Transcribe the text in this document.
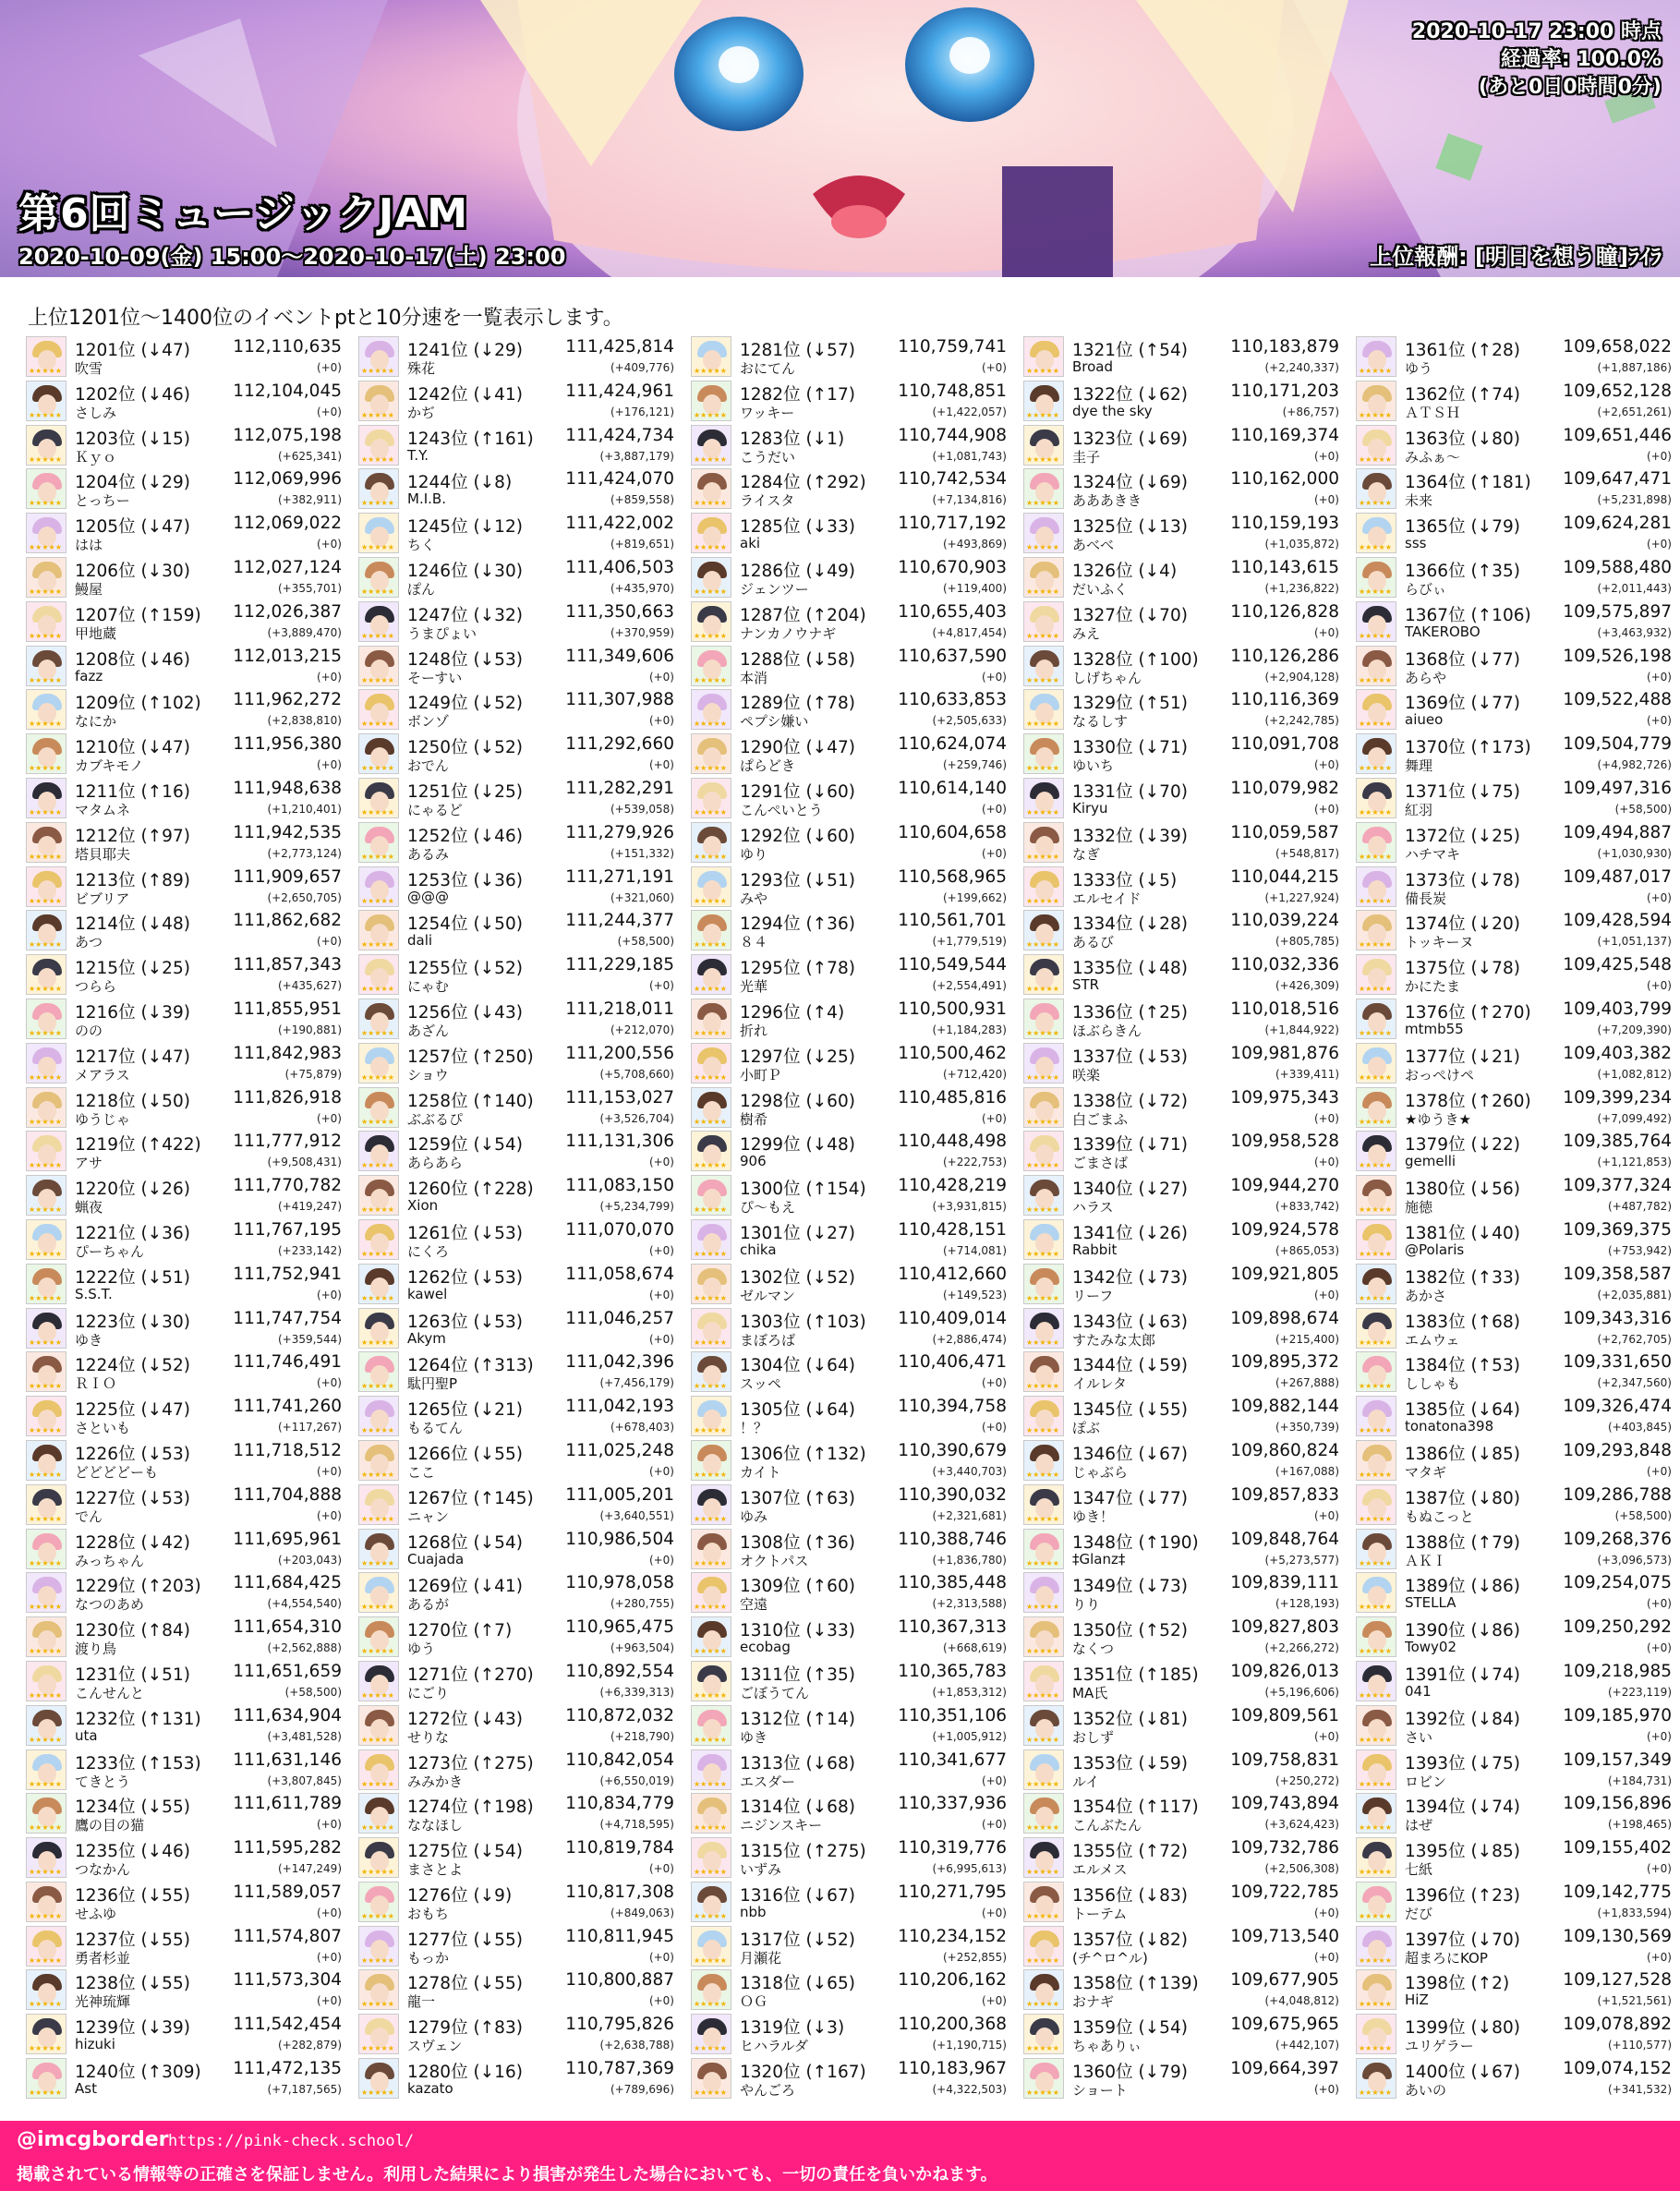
2020-10-17 23:00 時点
経過率: 100.0%
(あと0日0時間0分)
第6回ミュージックJAM
2020-10-09(金) 15:00～2020-10-17(土) 23:00	上位報酬: [明日を想う瞳]ﾗｲﾗ
上位1201位～1400位のイベントptと10分速を一覧表示します。
★★★★★
1201位 (↓47)	112,110,635
吹雪	(+0)
★★★★★
1202位 (↓46)	112,104,045
さしみ	(+0)
★★★★★
1203位 (↓15)	112,075,198
Ｋｙｏ	(+625,341)
★★★★★
1204位 (↓29)	112,069,996
とっちー	(+382,911)
★★★★★
1205位 (↓47)	112,069,022
はは	(+0)
★★★★★
1206位 (↓30)	112,027,124
鰻屋	(+355,701)
★★★★★
1207位 (↑159) 112,026,387
甲地蔵	(+3,889,470)
★★★★★
1208位 (↓46)	112,013,215
fazz	(+0)
★★★★★
1209位 (↑102) 111,962,272
なにか	(+2,838,810)
★★★★★
1210位 (↓47)	111,956,380
カブキモノ	(+0)
★★★★★
1211位 (↑16)	111,948,638
マタムネ	(+1,210,401)
★★★★★
1212位 (↑97)	111,942,535
塔貝耶夫	(+2,773,124)
★★★★★
1213位 (↑89)	111,909,657
ビブリア	(+2,650,705)
★★★★★
1214位 (↓48)	111,862,682
あつ	(+0)
★★★★★
1215位 (↓25)	111,857,343
つらら	(+435,627)
★★★★★
1216位 (↓39)	111,855,951
のの	(+190,881)
★★★★★
1217位 (↓47)	111,842,983
メアラス	(+75,879)
★★★★★
1218位 (↓50)	111,826,918
ゆうじゃ	(+0)
★★★★★
1219位 (↑422) 111,777,912
アサ	(+9,508,431)
★★★★★
1220位 (↓26)	111,770,782
蝋夜	(+419,247)
★★★★★
1221位 (↓36)	111,767,195
ぴーちゃん	(+233,142)
★★★★★
1222位 (↓51)	111,752,941
S.S.T.	(+0)
★★★★★
1223位 (↓30)	111,747,754
ゆき	(+359,544)
★★★★★
1224位 (↓52)	111,746,491
ＲＩＯ	(+0)
★★★★★
1225位 (↓47)	111,741,260
さといも	(+117,267)
★★★★★
1226位 (↓53)	111,718,512
どどどどーも	(+0)
★★★★★
1227位 (↓53)	111,704,888
でん	(+0)
★★★★★
1228位 (↓42)	111,695,961
みっちゃん	(+203,043)
★★★★★
1229位 (↑203) 111,684,425
なつのあめ	(+4,554,540)
★★★★★
1230位 (↑84)	111,654,310
渡り鳥	(+2,562,888)
★★★★★
1231位 (↓51)	111,651,659
こんせんと	(+58,500)
★★★★★
1232位 (↑131) 111,634,904
uta	(+3,481,528)
★★★★★
1233位 (↑153) 111,631,146
てきとう	(+3,807,845)
★★★★★
1234位 (↓55)	111,611,789
鷹の目の猫	(+0)
★★★★★
1235位 (↓46)	111,595,282
つなかん	(+147,249)
★★★★★
1236位 (↓55)	111,589,057
せふゆ	(+0)
★★★★★
1237位 (↓55)	111,574,807
勇者杉並	(+0)
★★★★★
1238位 (↓55)	111,573,304
光神琉輝	(+0)
★★★★★
1239位 (↓39)	111,542,454
hizuki	(+282,879)
★★★★★
1240位 (↑309) 111,472,135
Ast	(+7,187,565)
★★★★★
1241位 (↓29)	111,425,814
殊花	(+409,776)
★★★★★
1242位 (↓41)	111,424,961
かぢ	(+176,121)
★★★★★
1243位 (↑161) 111,424,734
T.Y.	(+3,887,179)
★★★★★
1244位 (↓8)	111,424,070
M.I.B.	(+859,558)
★★★★★
1245位 (↓12)	111,422,002
ちく	(+819,651)
★★★★★
1246位 (↓30)	111,406,503
ぽん	(+435,970)
★★★★★
1247位 (↓32)	111,350,663
うまぴょい	(+370,959)
★★★★★
1248位 (↓53)	111,349,606
そーすい	(+0)
★★★★★
1249位 (↓52)	111,307,988
ボンゾ	(+0)
★★★★★
1250位 (↓52)	111,292,660
おでん	(+0)
★★★★★
1251位 (↓25)	111,282,291
にゃるど	(+539,058)
★★★★★
1252位 (↓46)	111,279,926
あるみ	(+151,332)
★★★★★
1253位 (↓36)	111,271,191
@@@	(+321,060)
★★★★★
1254位 (↓50)	111,244,377
dali	(+58,500)
★★★★★
1255位 (↓52)	111,229,185
にゃむ	(+0)
★★★★★
1256位 (↓43)	111,218,011
あざん	(+212,070)
★★★★★
1257位 (↑250) 111,200,556
ショウ	(+5,708,660)
★★★★★
1258位 (↑140) 111,153,027
ぶぶるぴ	(+3,526,704)
★★★★★
1259位 (↓54)	111,131,306
あらあら	(+0)
★★★★★
1260位 (↑228) 111,083,150
Xion	(+5,234,799)
★★★★★
1261位 (↓53)	111,070,070
にくろ	(+0)
★★★★★
1262位 (↓53)	111,058,674
kawel	(+0)
★★★★★
1263位 (↓53)	111,046,257
Akym	(+0)
★★★★★
1264位 (↑313) 111,042,396
駄円聖P	(+7,456,179)
★★★★★
1265位 (↓21)	111,042,193
もるてん	(+678,403)
★★★★★
1266位 (↓55)	111,025,248
ここ	(+0)
★★★★★
1267位 (↑145) 111,005,201
ニャン	(+3,640,551)
★★★★★
1268位 (↓54)	110,986,504
Cuajada	(+0)
★★★★★
1269位 (↓41)	110,978,058
あるが	(+280,755)
★★★★★
1270位 (↑7)	110,965,475
ゆう	(+963,504)
★★★★★
1271位 (↑270) 110,892,554
にごり	(+6,339,313)
★★★★★
1272位 (↓43)	110,872,032
せりな	(+218,790)
★★★★★
1273位 (↑275) 110,842,054
みみかき	(+6,550,019)
★★★★★
1274位 (↑198) 110,834,779
ななほし	(+4,718,595)
★★★★★
1275位 (↓54)	110,819,784
まさとよ	(+0)
★★★★★
1276位 (↓9)	110,817,308
おもち	(+849,063)
★★★★★
1277位 (↓55)	110,811,945
もっか	(+0)
★★★★★
1278位 (↓55)	110,800,887
龍一	(+0)
★★★★★
1279位 (↑83)	110,795,826
スヴェン	(+2,638,788)
★★★★★
1280位 (↓16)	110,787,369
kazato	(+789,696)
★★★★★
1281位 (↓57)	110,759,741
おにてん	(+0)
★★★★★
1282位 (↑17)	110,748,851
ワッキー	(+1,422,057)
★★★★★
1283位 (↓1)	110,744,908
こうだい	(+1,081,743)
★★★★★
1284位 (↑292) 110,742,534
ライスタ	(+7,134,816)
★★★★★
1285位 (↓33)	110,717,192
aki	(+493,869)
★★★★★
1286位 (↓49)	110,670,903
ジェンツー	(+119,400)
★★★★★
1287位 (↑204) 110,655,403
ナンカノウナギ	(+4,817,454)
★★★★★
1288位 (↓58)	110,637,590
本消	(+0)
★★★★★
1289位 (↑78)	110,633,853
ペプシ嫌い	(+2,505,633)
★★★★★
1290位 (↓47)	110,624,074
ぱらどき	(+259,746)
★★★★★
1291位 (↓60)	110,614,140
こんぺいとう	(+0)
★★★★★
1292位 (↓60)	110,604,658
ゆり	(+0)
★★★★★
1293位 (↓51)	110,568,965
みや	(+199,662)
★★★★★
1294位 (↑36)	110,561,701
８４	(+1,779,519)
★★★★★
1295位 (↑78)	110,549,544
光華	(+2,554,491)
★★★★★
1296位 (↑4)	110,500,931
折れ	(+1,184,283)
★★★★★
1297位 (↓25)	110,500,462
小町Ｐ	(+712,420)
★★★★★
1298位 (↓60)	110,485,816
樹希	(+0)
★★★★★
1299位 (↓48)	110,448,498
906	(+222,753)
★★★★★
1300位 (↑154) 110,428,219
ぴ～もえ	(+3,931,815)
★★★★★
1301位 (↓27)	110,428,151
chika	(+714,081)
★★★★★
1302位 (↓52)	110,412,660
ゼルマン	(+149,523)
★★★★★
1303位 (↑103) 110,409,014
まぼろば	(+2,886,474)
★★★★★
1304位 (↓64)	110,406,471
スッペ	(+0)
★★★★★
1305位 (↓64)	110,394,758
！？	(+0)
★★★★★
1306位 (↑132) 110,390,679
カイト	(+3,440,703)
★★★★★
1307位 (↑63)	110,390,032
ゆみ	(+2,321,681)
★★★★★
1308位 (↑36)	110,388,746
オクトパス	(+1,836,780)
★★★★★
1309位 (↑60)	110,385,448
空遠	(+2,313,588)
★★★★★
1310位 (↓33)	110,367,313
ecobag	(+668,619)
★★★★★
1311位 (↑35)	110,365,783
ごぼうてん	(+1,853,312)
★★★★★
1312位 (↑14)	110,351,106
ゆき	(+1,005,912)
★★★★★
1313位 (↓68)	110,341,677
エスダー	(+0)
★★★★★
1314位 (↓68)	110,337,936
ニジンスキー	(+0)
★★★★★
1315位 (↑275) 110,319,776
いずみ	(+6,995,613)
★★★★★
1316位 (↓67)	110,271,795
nbb	(+0)
★★★★★
1317位 (↓52)	110,234,152
月瀬花	(+252,855)
★★★★★
1318位 (↓65)	110,206,162
ＯＧ	(+0)
★★★★★
1319位 (↓3)	110,200,368
ヒハラルダ	(+1,190,715)
★★★★★
1320位 (↑167) 110,183,967
やんごろ	(+4,322,503)
★★★★★
1321位 (↑54)	110,183,879
Broad	(+2,240,337)
★★★★★
1322位 (↓62)	110,171,203
dye the sky	(+86,757)
★★★★★
1323位 (↓69)	110,169,374
圭子	(+0)
★★★★★
1324位 (↓69)	110,162,000
あああきき	(+0)
★★★★★
1325位 (↓13)	110,159,193
あべべ	(+1,035,872)
★★★★★
1326位 (↓4)	110,143,615
だいふく	(+1,236,822)
★★★★★
1327位 (↓70)	110,126,828
みえ	(+0)
★★★★★
1328位 (↑100) 110,126,286
しげちゃん	(+2,904,128)
★★★★★
1329位 (↑51)	110,116,369
なるしす	(+2,242,785)
★★★★★
1330位 (↓71)	110,091,708
ゆいち	(+0)
★★★★★
1331位 (↓70)	110,079,982
Kiryu	(+0)
★★★★★
1332位 (↓39)	110,059,587
なぎ	(+548,817)
★★★★★
1333位 (↓5)	110,044,215
エルセイド	(+1,227,924)
★★★★★
1334位 (↓28)	110,039,224
あるび	(+805,785)
★★★★★
1335位 (↓48)	110,032,336
STR	(+426,309)
★★★★★
1336位 (↑25)	110,018,516
ほぶらきん	(+1,844,922)
★★★★★
1337位 (↓53)	109,981,876
咲楽	(+339,411)
★★★★★
1338位 (↓72)	109,975,343
白ごまふ	(+0)
★★★★★
1339位 (↓71)	109,958,528
ごまさば	(+0)
★★★★★
1340位 (↓27)	109,944,270
ハラス	(+833,742)
★★★★★
1341位 (↓26)	109,924,578
Rabbit	(+865,053)
★★★★★
1342位 (↓73)	109,921,805
リーフ	(+0)
★★★★★
1343位 (↓63)	109,898,674
すたみな太郎	(+215,400)
★★★★★
1344位 (↓59)	109,895,372
イルレタ	(+267,888)
★★★★★
1345位 (↓55)	109,882,144
ぽぶ	(+350,739)
★★★★★
1346位 (↓67)	109,860,824
じゃぶら	(+167,088)
★★★★★
1347位 (↓77)	109,857,833
ゆき！	(+0)
★★★★★
1348位 (↑190) 109,848,764
‡Glanz‡	(+5,273,577)
★★★★★
1349位 (↓73)	109,839,111
りり	(+128,193)
★★★★★
1350位 (↑52)	109,827,803
なくつ	(+2,266,272)
★★★★★
1351位 (↑185) 109,826,013
MA氏	(+5,196,606)
★★★★★
1352位 (↓81)	109,809,561
おしず	(+0)
★★★★★
1353位 (↓59)	109,758,831
ルイ	(+250,272)
★★★★★
1354位 (↑117) 109,743,894
こんぶたん	(+3,624,423)
★★★★★
1355位 (↑72)	109,732,786
エルメス	(+2,506,308)
★★★★★
1356位 (↓83)	109,722,785
トーテム	(+0)
★★★★★
1357位 (↓82)	109,713,540
(チ^ロ^ル)	(+0)
★★★★★
1358位 (↑139) 109,677,905
おナギ	(+4,048,812)
★★★★★
1359位 (↓54)	109,675,965
ちゃありぃ	(+442,107)
★★★★★
1360位 (↓79)	109,664,397
ショート	(+0)
★★★★★
1361位 (↑28)	109,658,022
ゆう	(+1,887,186)
★★★★★
1362位 (↑74)	109,652,128
ＡＴＳＨ	(+2,651,261)
★★★★★
1363位 (↓80)	109,651,446
みふぁ～	(+0)
★★★★★
1364位 (↑181) 109,647,471
未来	(+5,231,898)
★★★★★
1365位 (↓79)	109,624,281
sss	(+0)
★★★★★
1366位 (↑35)	109,588,480
らびぃ	(+2,011,443)
★★★★★
1367位 (↑106) 109,575,897
TAKEROBO	(+3,463,932)
★★★★★
1368位 (↓77)	109,526,198
あらや	(+0)
★★★★★
1369位 (↓77)	109,522,488
aiueo	(+0)
★★★★★
1370位 (↑173) 109,504,779
舞理	(+4,982,726)
★★★★★
1371位 (↓75)	109,497,316
紅羽	(+58,500)
★★★★★
1372位 (↓25)	109,494,887
ハチマキ	(+1,030,930)
★★★★★
1373位 (↓78)	109,487,017
備長炭	(+0)
★★★★★
1374位 (↓20)	109,428,594
トッキーヌ	(+1,051,137)
★★★★★
1375位 (↓78)	109,425,548
かにたま	(+0)
★★★★★
1376位 (↑270) 109,403,799
mtmb55	(+7,209,390)
★★★★★
1377位 (↓21)	109,403,382
おっぺけペ	(+1,082,812)
★★★★★
1378位 (↑260) 109,399,234
★ゆうき★	(+7,099,492)
★★★★★
1379位 (↓22)	109,385,764
gemelli	(+1,121,853)
★★★★★
1380位 (↓56)	109,377,324
施徳	(+487,782)
★★★★★
1381位 (↓40)	109,369,375
@Polaris	(+753,942)
★★★★★
1382位 (↑33)	109,358,587
あかさ	(+2,035,881)
★★★★★
1383位 (↑68)	109,343,316
エムウェ	(+2,762,705)
★★★★★
1384位 (↑53)	109,331,650
ししゃも	(+2,347,560)
★★★★★
1385位 (↓64)	109,326,474
tonatona398	(+403,845)
★★★★★
1386位 (↓85)	109,293,848
マタギ	(+0)
★★★★★
1387位 (↓80)	109,286,788
もぬこっと	(+58,500)
★★★★★
1388位 (↑79)	109,268,376
ＡＫＩ	(+3,096,573)
★★★★★
1389位 (↓86)	109,254,075
STELLA	(+0)
★★★★★
1390位 (↓86)	109,250,292
Towy02	(+0)
★★★★★
1391位 (↓74)	109,218,985
041	(+223,119)
★★★★★
1392位 (↓84)	109,185,970
さい	(+0)
★★★★★
1393位 (↓75)	109,157,349
ロビン	(+184,731)
★★★★★
1394位 (↓74)	109,156,896
はぜ	(+198,465)
★★★★★
1395位 (↓85)	109,155,402
七紙	(+0)
★★★★★
1396位 (↑23)	109,142,775
だび	(+1,833,594)
★★★★★
1397位 (↓70)	109,130,569
超まろにKOP	(+0)
★★★★★
1398位 (↑2)	109,127,528
HiZ	(+1,521,561)
★★★★★
1399位 (↓80)	109,078,892
ユリゲラー	(+110,577)
★★★★★
1400位 (↓67)	109,074,152
あいの	(+341,532)
@imcgborder https://pink-check.school/
掲載されている情報等の正確さを保証しません。利用した結果により損害が発生した場合においても、一切の責任を負いかねます。
